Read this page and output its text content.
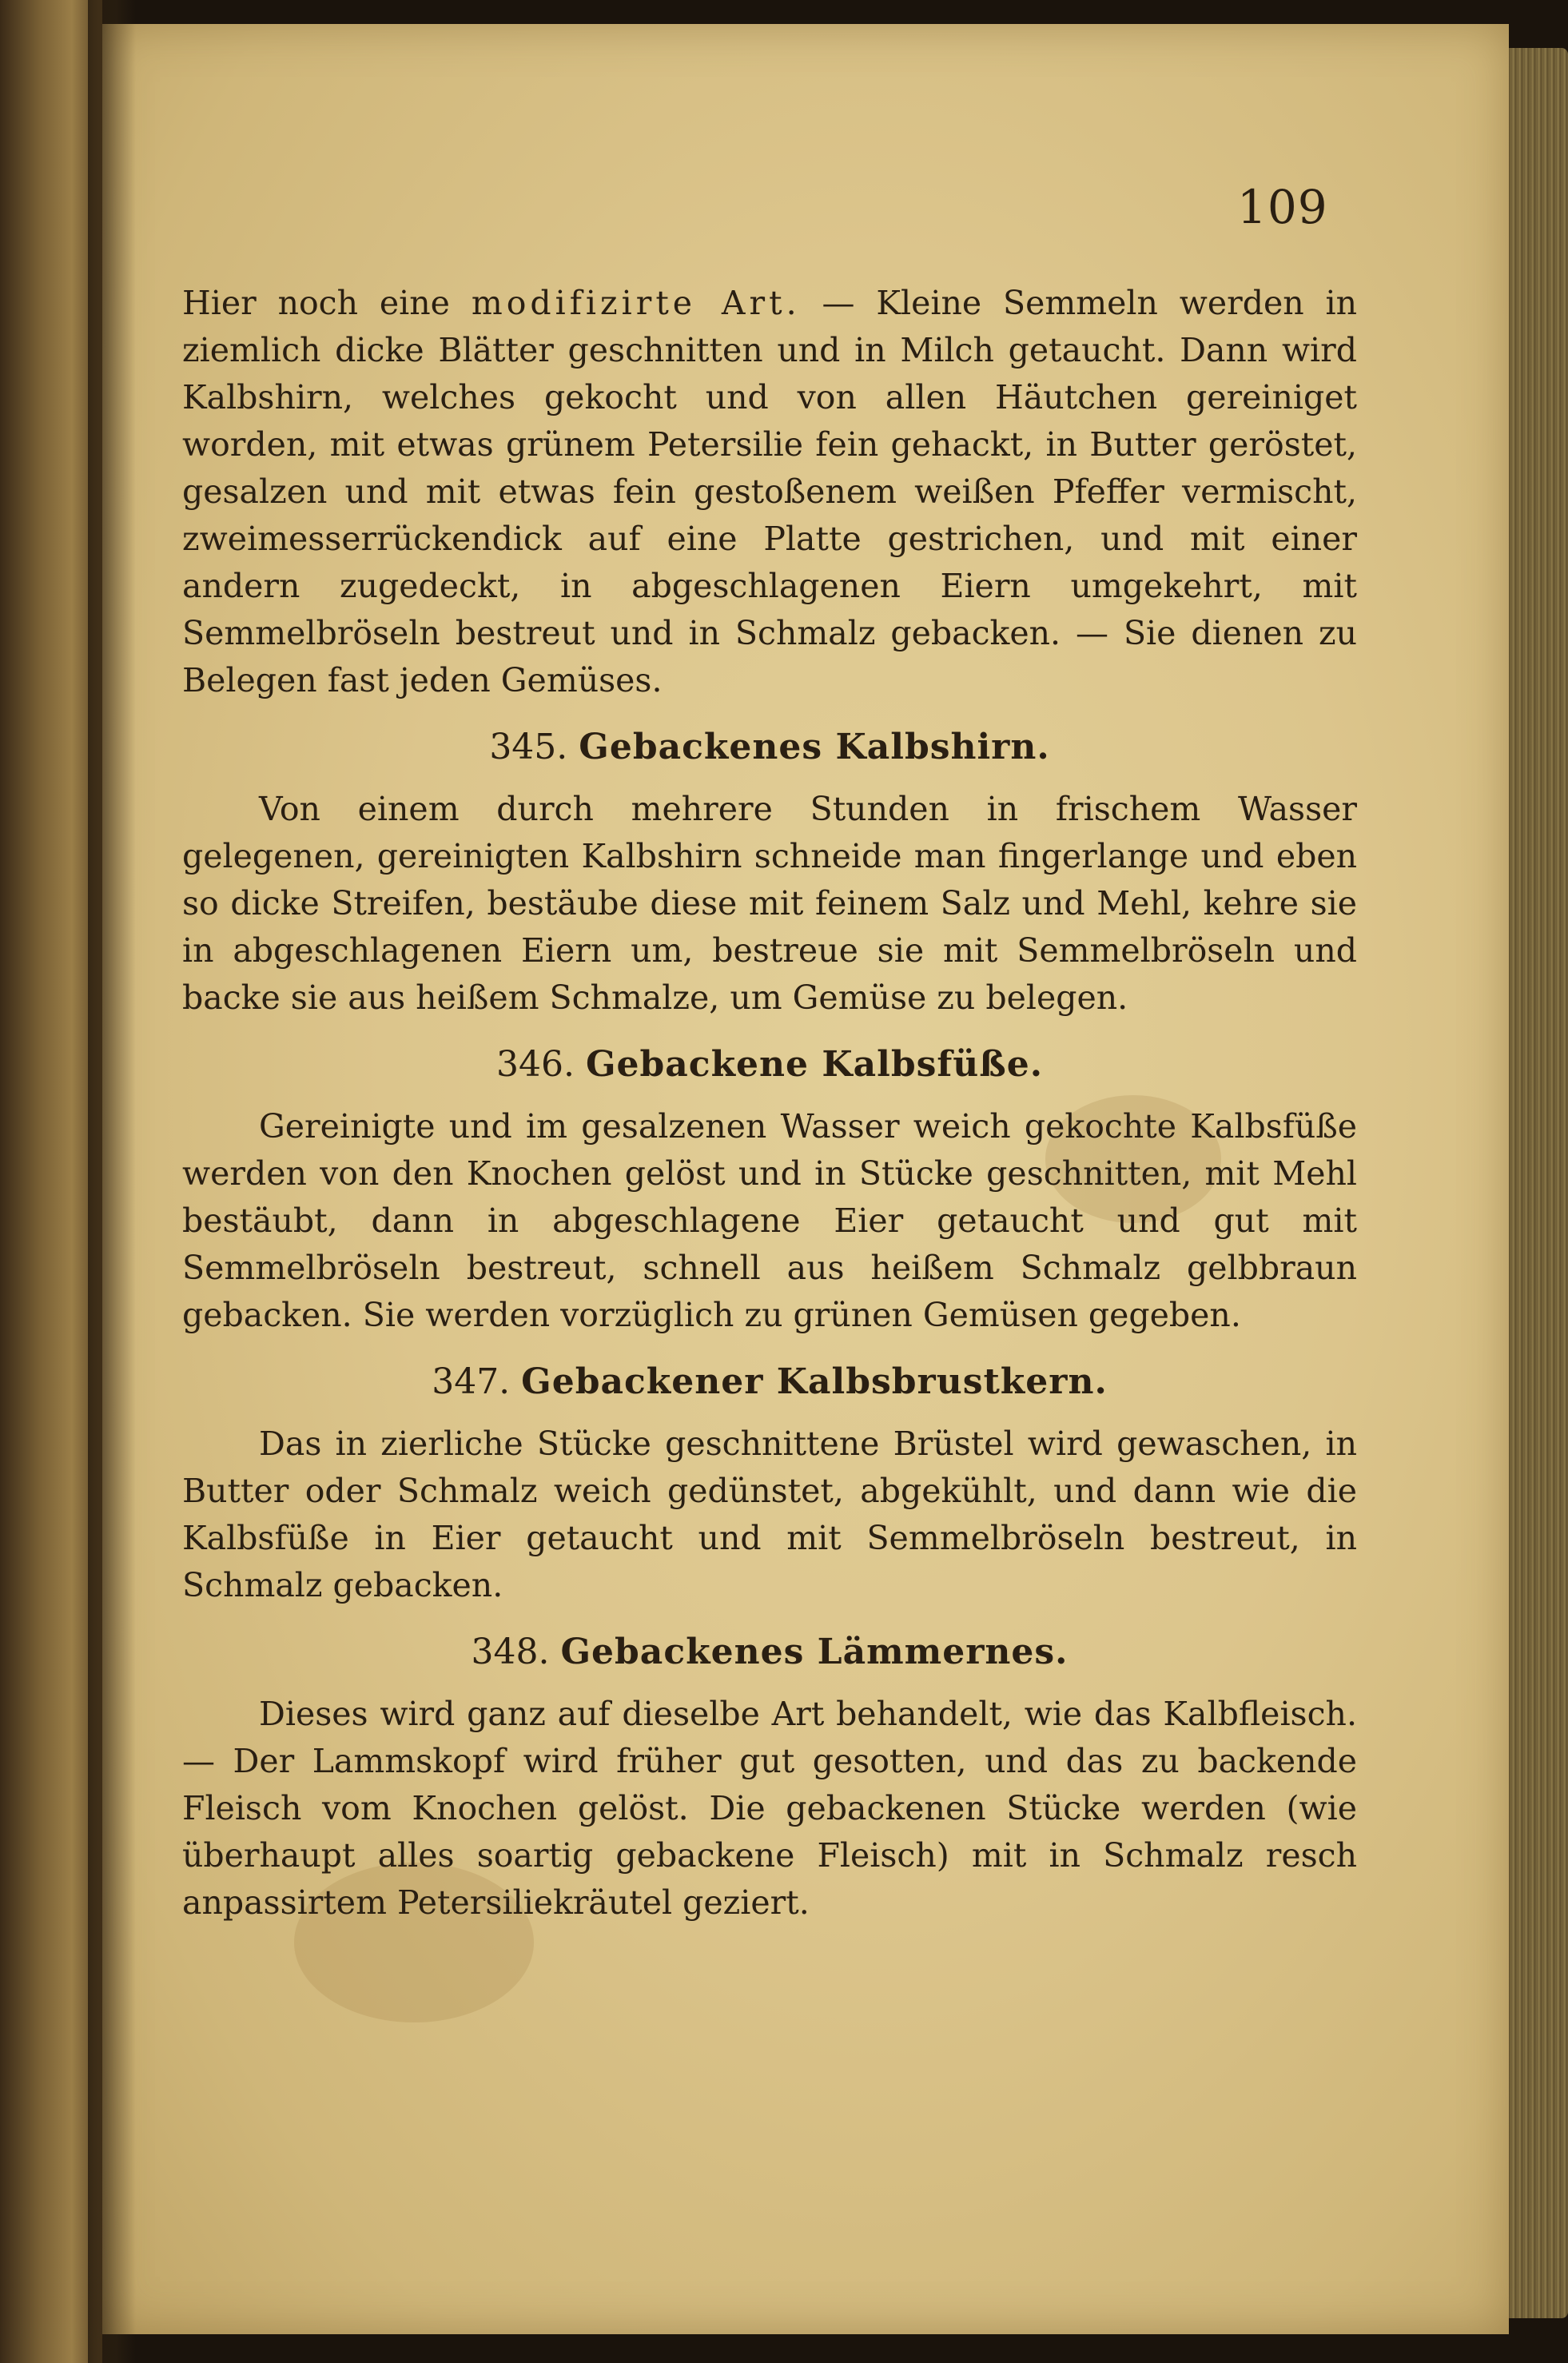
109

Hier noch eine modifizirte Art. — Kleine Semmeln werden in ziemlich dicke Blätter geschnitten und in Milch getaucht. Dann wird Kalbshirn, welches gekocht und von allen Häutchen gereiniget worden, mit etwas grünem Petersilie fein gehackt, in Butter geröstet, gesalzen und mit etwas fein gestoßenem weißen Pfeffer vermischt, zweimesserrückendick auf eine Platte gestrichen, und mit einer andern zugedeckt, in abgeschlagenen Eiern umgekehrt, mit Semmelbröseln bestreut und in Schmalz gebacken. — Sie dienen zu Belegen fast jeden Gemüses.

345. Gebackenes Kalbshirn.

Von einem durch mehrere Stunden in frischem Wasser gelegenen, gereinigten Kalbshirn schneide man fingerlange und eben so dicke Streifen, bestäube diese mit feinem Salz und Mehl, kehre sie in abgeschlagenen Eiern um, bestreue sie mit Semmelbröseln und backe sie aus heißem Schmalze, um Gemüse zu belegen.

346. Gebackene Kalbsfüße.

Gereinigte und im gesalzenen Wasser weich gekochte Kalbsfüße werden von den Knochen gelöst und in Stücke geschnitten, mit Mehl bestäubt, dann in abgeschlagene Eier getaucht und gut mit Semmelbröseln bestreut, schnell aus heißem Schmalz gelbbraun gebacken. Sie werden vorzüglich zu grünen Gemüsen gegeben.

347. Gebackener Kalbsbrustkern.

Das in zierliche Stücke geschnittene Brüstel wird gewaschen, in Butter oder Schmalz weich gedünstet, abgekühlt, und dann wie die Kalbsfüße in Eier getaucht und mit Semmelbröseln bestreut, in Schmalz gebacken.

348. Gebackenes Lämmernes.

Dieses wird ganz auf dieselbe Art behandelt, wie das Kalbfleisch. — Der Lammskopf wird früher gut gesotten, und das zu backende Fleisch vom Knochen gelöst. Die gebackenen Stücke werden (wie überhaupt alles soartig gebackene Fleisch) mit in Schmalz resch anpassirtem Petersiliekräutel geziert.
